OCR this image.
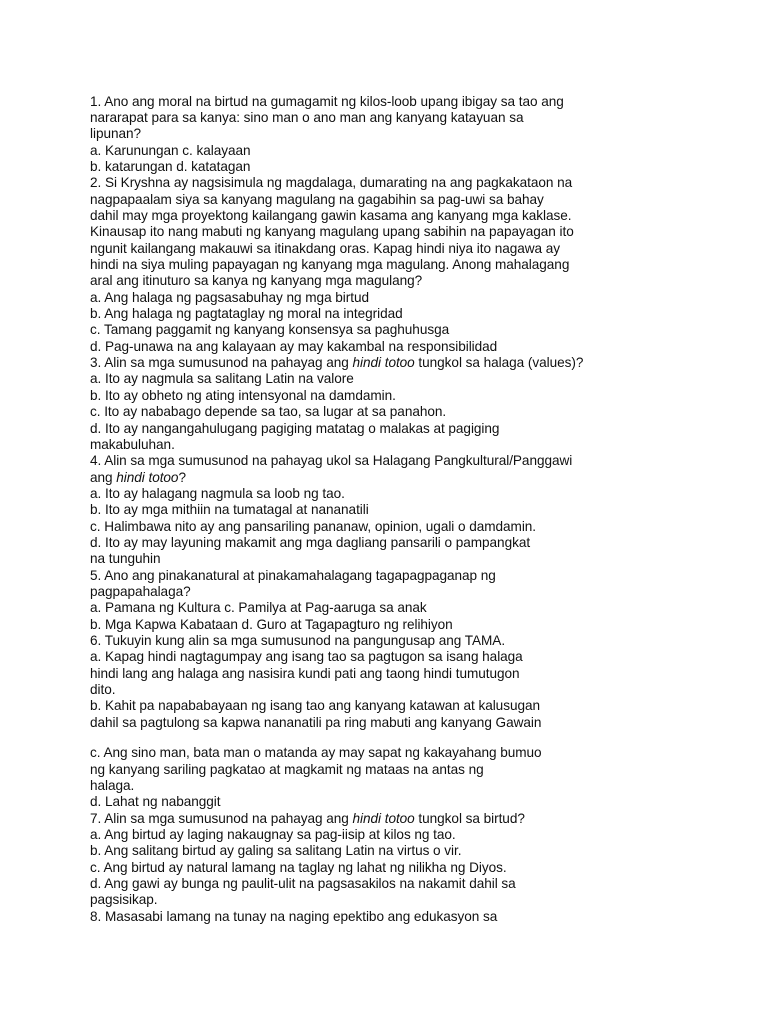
1. Ano ang moral na birtud na gumagamit ng kilos-loob upang ibigay sa tao ang
nararapat para sa kanya: sino man o ano man ang kanyang katayuan sa
lipunan?
a. Karunungan c. kalayaan
b. katarungan d. katatagan
2. Si Kryshna ay nagsisimula ng magdalaga, dumarating na ang pagkakataon na
nagpapaalam siya sa kanyang magulang na gagabihin sa pag-uwi sa bahay
dahil may mga proyektong kailangang gawin kasama ang kanyang mga kaklase.
Kinausap ito nang mabuti ng kanyang magulang upang sabihin na papayagan ito
ngunit kailangang makauwi sa itinakdang oras. Kapag hindi niya ito nagawa ay
hindi na siya muling papayagan ng kanyang mga magulang. Anong mahalagang
aral ang itinuturo sa kanya ng kanyang mga magulang?
a. Ang halaga ng pagsasabuhay ng mga birtud
b. Ang halaga ng pagtataglay ng moral na integridad
c. Tamang paggamit ng kanyang konsensya sa paghuhusga
d. Pag-unawa na ang kalayaan ay may kakambal na responsibilidad
3. Alin sa mga sumusunod na pahayag ang hindi totoo tungkol sa halaga (values)?
a. Ito ay nagmula sa salitang Latin na valore
b. Ito ay obheto ng ating intensyonal na damdamin.
c. Ito ay nababago depende sa tao, sa lugar at sa panahon.
d. Ito ay nangangahulugang pagiging matatag o malakas at pagiging
makabuluhan.
4. Alin sa mga sumusunod na pahayag ukol sa Halagang Pangkultural/Panggawi
ang hindi totoo?
a. Ito ay halagang nagmula sa loob ng tao.
b. Ito ay mga mithiin na tumatagal at nananatili
c. Halimbawa nito ay ang pansariling pananaw, opinion, ugali o damdamin.
d. Ito ay may layuning makamit ang mga dagliang pansarili o pampangkat
na tunguhin
5. Ano ang pinakanatural at pinakamahalagang tagapagpaganap ng
pagpapahalaga?
a. Pamana ng Kultura c. Pamilya at Pag-aaruga sa anak
b. Mga Kapwa Kabataan d. Guro at Tagapagturo ng relihiyon
6. Tukuyin kung alin sa mga sumusunod na pangungusap ang TAMA.
a. Kapag hindi nagtagumpay ang isang tao sa pagtugon sa isang halaga
hindi lang ang halaga ang nasisira kundi pati ang taong hindi tumutugon
dito.
b. Kahit pa napababayaan ng isang tao ang kanyang katawan at kalusugan
dahil sa pagtulong sa kapwa nananatili pa ring mabuti ang kanyang Gawain
c. Ang sino man, bata man o matanda ay may sapat ng kakayahang bumuo
ng kanyang sariling pagkatao at magkamit ng mataas na antas ng
halaga.
d. Lahat ng nabanggit
7. Alin sa mga sumusunod na pahayag ang hindi totoo tungkol sa birtud?
a. Ang birtud ay laging nakaugnay sa pag-iisip at kilos ng tao.
b. Ang salitang birtud ay galing sa salitang Latin na virtus o vir.
c. Ang birtud ay natural lamang na taglay ng lahat ng nilikha ng Diyos.
d. Ang gawi ay bunga ng paulit-ulit na pagsasakilos na nakamit dahil sa
pagsisikap.
8. Masasabi lamang na tunay na naging epektibo ang edukasyon sa
